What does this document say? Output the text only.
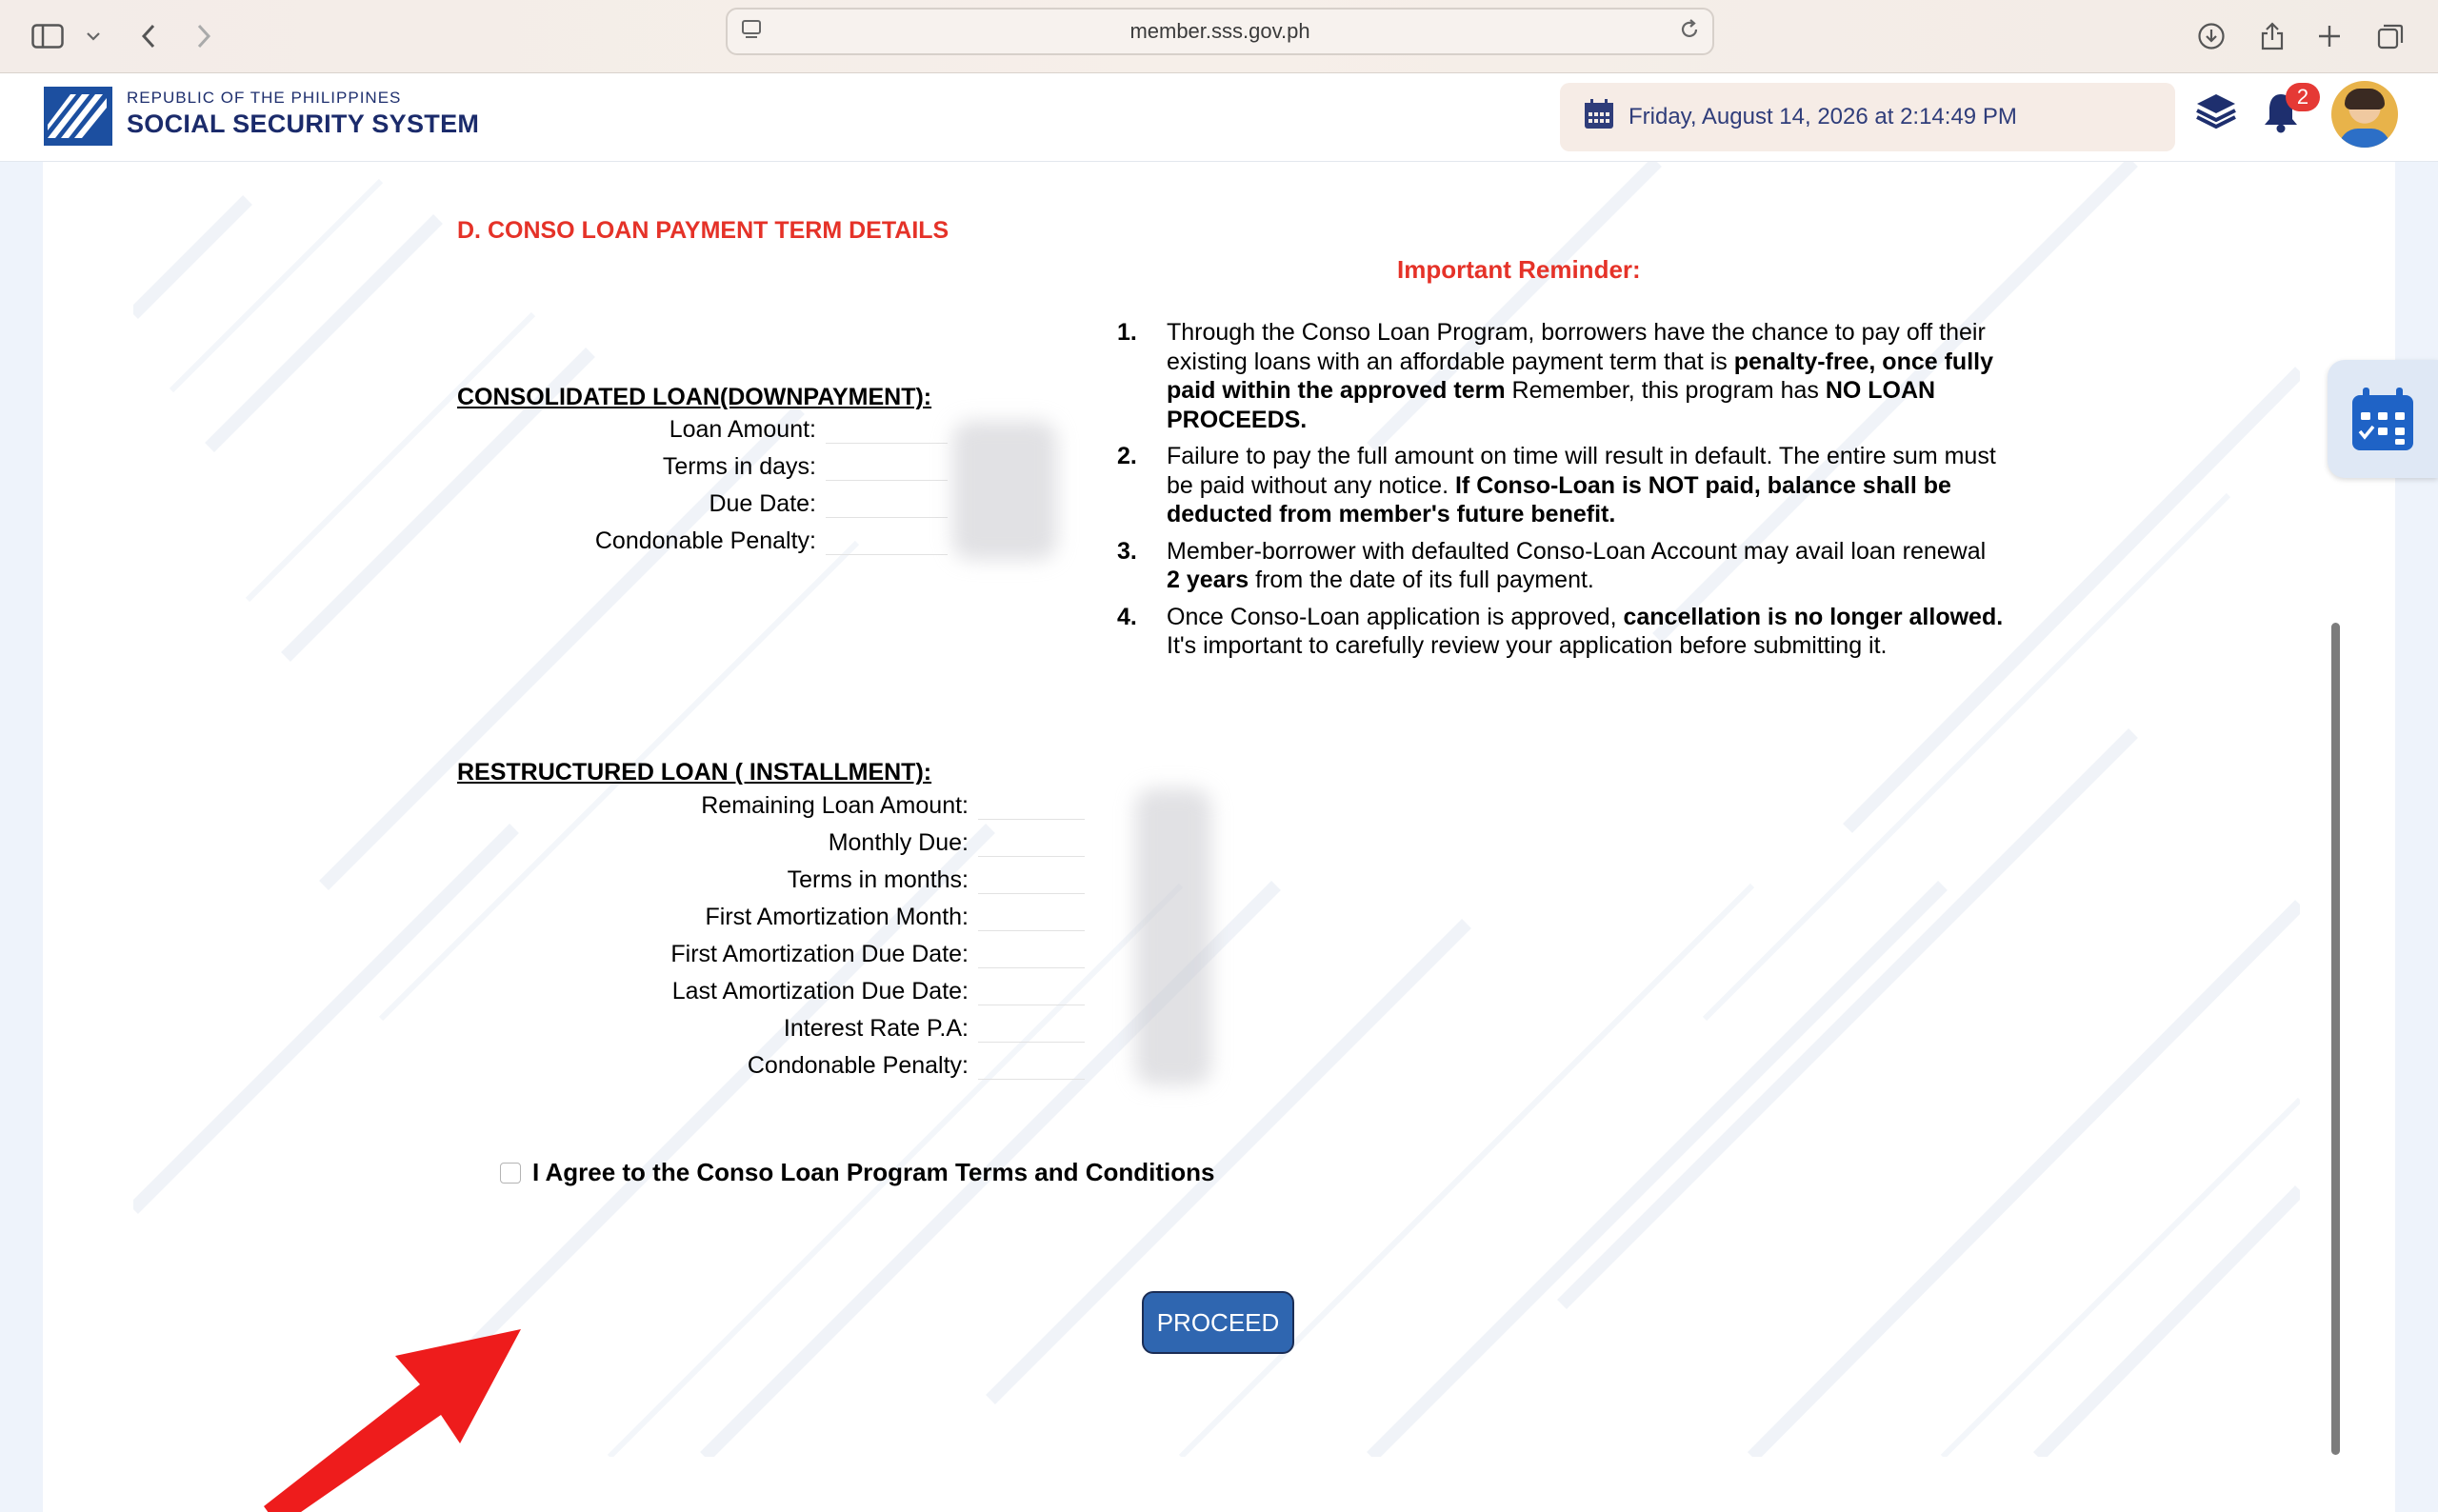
member.sss.gov.ph
REPUBLIC OF THE PHILIPPINES
SOCIAL SECURITY SYSTEM	Friday, August 14, 2026 at 2:14:49 PM
2
D. CONSO LOAN PAYMENT TERM DETAILS
Important Reminder:
1. Through the Conso Loan Program, borrowers have the chance to pay off their existing loans with an affordable payment term that is penalty-free, once fully paid within the approved term Remember, this program has NO LOAN PROCEEDS.
2. Failure to pay the full amount on time will result in default. The entire sum must be paid without any notice. If Conso-Loan is NOT paid, balance shall be deducted from member's future benefit.
3. Member-borrower with defaulted Conso-Loan Account may avail loan renewal 2 years from the date of its full payment.
4. Once Conso-Loan application is approved, cancellation is no longer allowed. It's important to carefully review your application before submitting it.
CONSOLIDATED LOAN(DOWNPAYMENT):
Loan Amount:
Terms in days:
Due Date:
Condonable Penalty:
RESTRUCTURED LOAN ( INSTALLMENT):
Remaining Loan Amount:
Monthly Due:
Terms in months:
First Amortization Month:
First Amortization Due Date:
Last Amortization Due Date:
Interest Rate P.A:
Condonable Penalty:
I Agree to the Conso Loan Program Terms and Conditions
PROCEED
